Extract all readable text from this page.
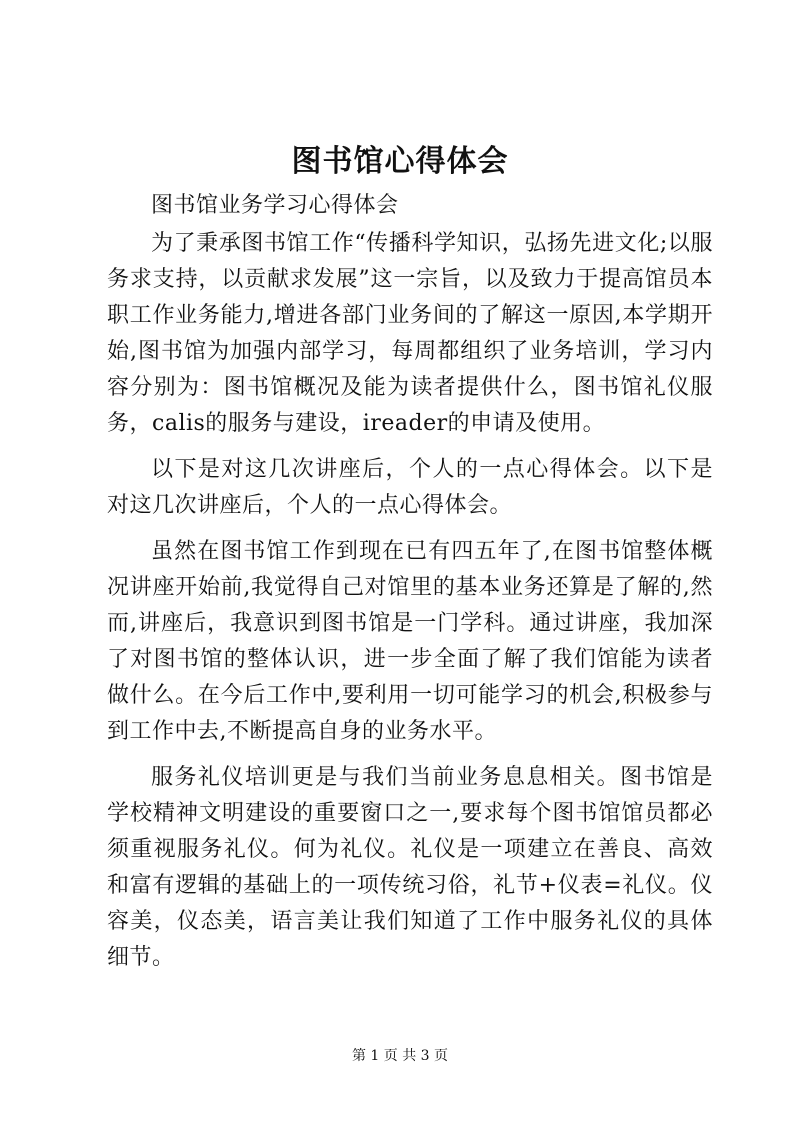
图书馆心得体会

图书馆业务学习心得体会

为了秉承图书馆工作“传播科学知识，弘扬先进文化;以服务求支持，以贡献求发展”这一宗旨，以及致力于提高馆员本职工作业务能力,增进各部门业务间的了解这一原因,本学期开始,图书馆为加强内部学习，每周都组织了业务培训，学习内容分别为：图书馆概况及能为读者提供什么，图书馆礼仪服务，calis的服务与建设，ireader的申请及使用。

以下是对这几次讲座后，个人的一点心得体会。以下是对这几次讲座后，个人的一点心得体会。

虽然在图书馆工作到现在已有四五年了,在图书馆整体概况讲座开始前,我觉得自己对馆里的基本业务还算是了解的,然而,讲座后，我意识到图书馆是一门学科。通过讲座，我加深了对图书馆的整体认识，进一步全面了解了我们馆能为读者做什么。在今后工作中,要利用一切可能学习的机会,积极参与到工作中去,不断提高自身的业务水平。

服务礼仪培训更是与我们当前业务息息相关。图书馆是学校精神文明建设的重要窗口之一,要求每个图书馆馆员都必须重视服务礼仪。何为礼仪。礼仪是一项建立在善良、高效和富有逻辑的基础上的一项传统习俗，礼节+仪表=礼仪。仪容美，仪态美，语言美让我们知道了工作中服务礼仪的具体细节。

第 1 页 共 3 页
